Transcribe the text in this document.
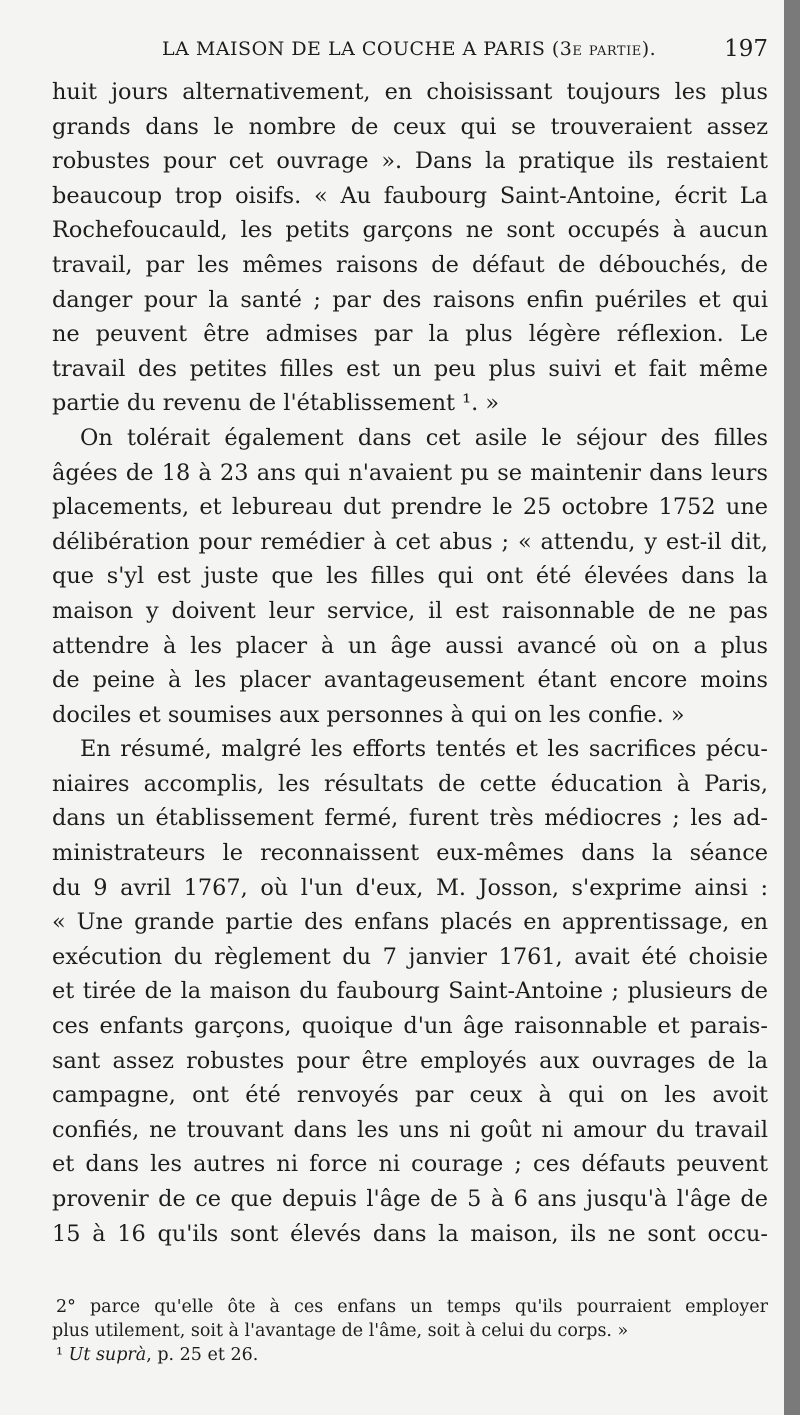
LA MAISON DE LA COUCHE A PARIS (3e partie).	197
huit jours alternativement, en choisissant toujours les plus
grands dans le nombre de ceux qui se trouveraient assez
robustes pour cet ouvrage ». Dans la pratique ils restaient
beaucoup trop oisifs. « Au faubourg Saint-Antoine, écrit La
Rochefoucauld, les petits garçons ne sont occupés à aucun
travail, par les mêmes raisons de défaut de débouchés, de
danger pour la santé ; par des raisons enfin puériles et qui
ne peuvent être admises par la plus légère réflexion. Le
travail des petites filles est un peu plus suivi et fait même
partie du revenu de l'établissement ¹. »
On tolérait également dans cet asile le séjour des filles
âgées de 18 à 23 ans qui n'avaient pu se maintenir dans leurs
placements, et lebureau dut prendre le 25 octobre 1752 une
délibération pour remédier à cet abus ; « attendu, y est-il dit,
que s'yl est juste que les filles qui ont été élevées dans la
maison y doivent leur service, il est raisonnable de ne pas
attendre à les placer à un âge aussi avancé où on a plus
de peine à les placer avantageusement étant encore moins
dociles et soumises aux personnes à qui on les confie. »
En résumé, malgré les efforts tentés et les sacrifices pécu-
niaires accomplis, les résultats de cette éducation à Paris,
dans un établissement fermé, furent très médiocres ; les ad-
ministrateurs le reconnaissent eux-mêmes dans la séance
du 9 avril 1767, où l'un d'eux, M. Josson, s'exprime ainsi :
« Une grande partie des enfans placés en apprentissage, en
exécution du règlement du 7 janvier 1761, avait été choisie
et tirée de la maison du faubourg Saint-Antoine ; plusieurs de
ces enfants garçons, quoique d'un âge raisonnable et parais-
sant assez robustes pour être employés aux ouvrages de la
campagne, ont été renvoyés par ceux à qui on les avoit
confiés, ne trouvant dans les uns ni goût ni amour du travail
et dans les autres ni force ni courage ; ces défauts peuvent
provenir de ce que depuis l'âge de 5 à 6 ans jusqu'à l'âge de
15 à 16 qu'ils sont élevés dans la maison, ils ne sont occu-
2° parce qu'elle ôte à ces enfans un temps qu'ils pourraient employer
plus utilement, soit à l'avantage de l'âme, soit à celui du corps. »
¹ Ut suprà, p. 25 et 26.
